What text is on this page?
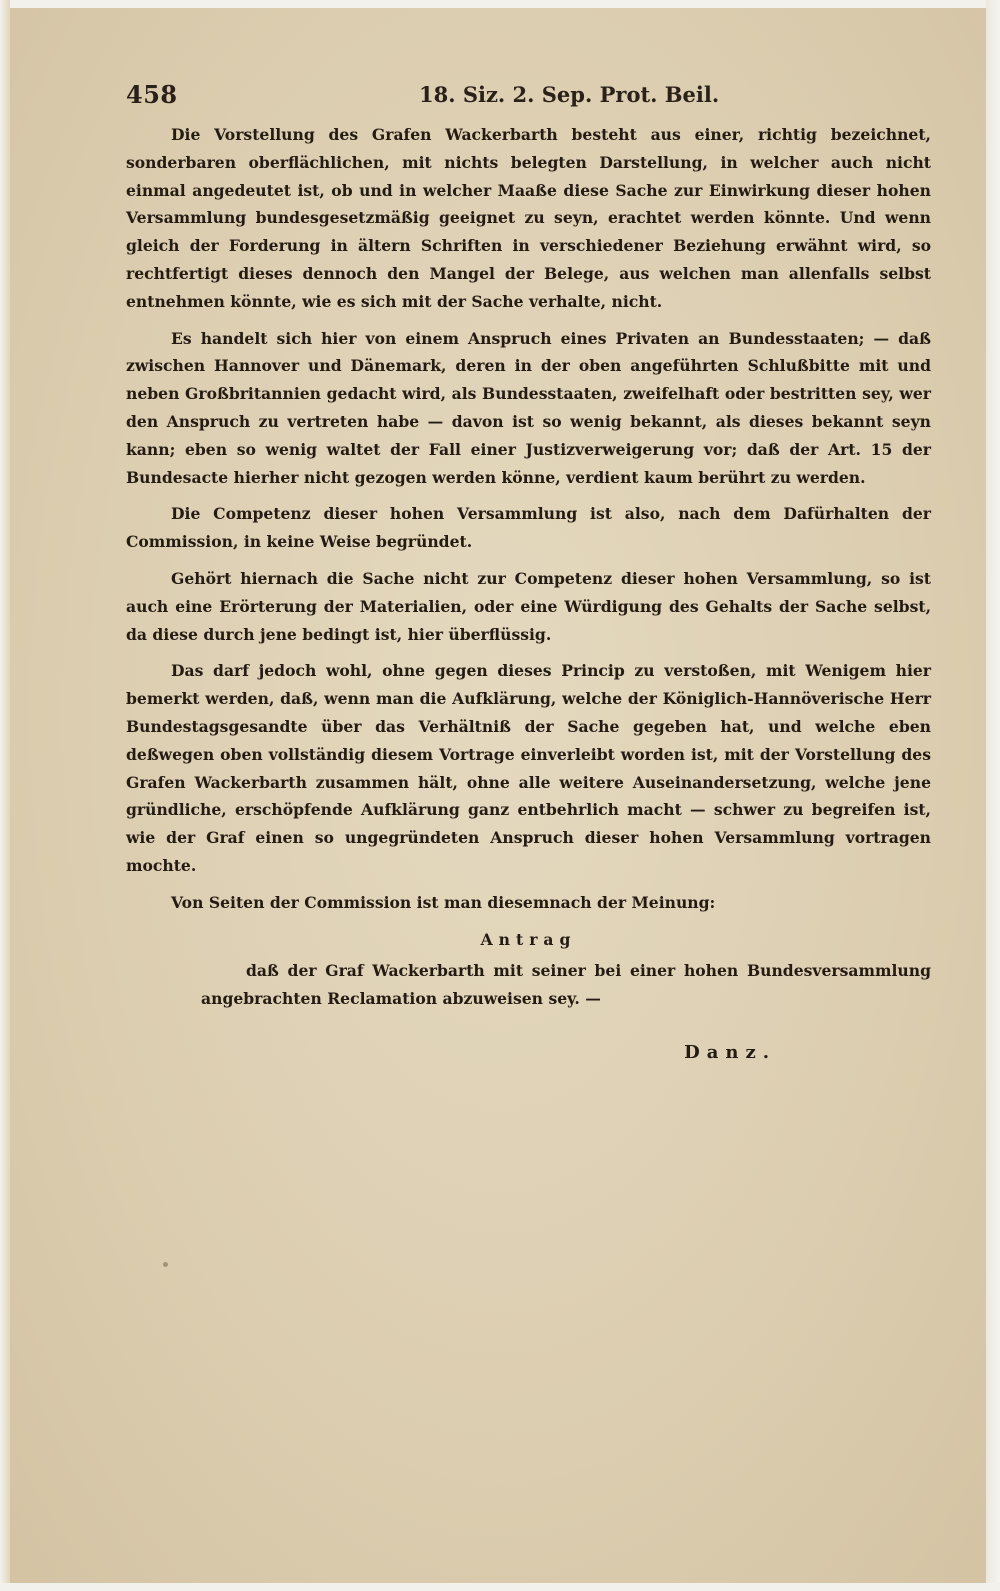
458	18. Siz. 2. Sep. Prot. Beil.

Die Vorstellung des Grafen Wackerbarth besteht aus einer, richtig bezeichnet, sonderbaren oberflächlichen, mit nichts belegten Darstellung, in welcher auch nicht einmal angedeutet ist, ob und in welcher Maaße diese Sache zur Einwirkung dieser hohen Versammlung bundesgesetzmäßig geeignet zu seyn, erachtet werden könnte. Und wenn gleich der Forderung in ältern Schriften in verschiedener Beziehung erwähnt wird, so rechtfertigt dieses dennoch den Mangel der Belege, aus welchen man allenfalls selbst entnehmen könnte, wie es sich mit der Sache verhalte, nicht.

Es handelt sich hier von einem Anspruch eines Privaten an Bundesstaaten; — daß zwischen Hannover und Dänemark, deren in der oben angeführten Schlußbitte mit und neben Großbritannien gedacht wird, als Bundesstaaten, zweifelhaft oder bestritten sey, wer den Anspruch zu vertreten habe — davon ist so wenig bekannt, als dieses bekannt seyn kann; eben so wenig waltet der Fall einer Justizverweigerung vor; daß der Art. 15 der Bundesacte hierher nicht gezogen werden könne, verdient kaum berührt zu werden.

Die Competenz dieser hohen Versammlung ist also, nach dem Dafürhalten der Commission, in keine Weise begründet.

Gehört hiernach die Sache nicht zur Competenz dieser hohen Versammlung, so ist auch eine Erörterung der Materialien, oder eine Würdigung des Gehalts der Sache selbst, da diese durch jene bedingt ist, hier überflüssig.

Das darf jedoch wohl, ohne gegen dieses Princip zu verstoßen, mit Wenigem hier bemerkt werden, daß, wenn man die Aufklärung, welche der Königlich-Hannöverische Herr Bundestagsgesandte über das Verhältniß der Sache gegeben hat, und welche eben deßwegen oben vollständig diesem Vortrage einverleibt worden ist, mit der Vorstellung des Grafen Wackerbarth zusammen hält, ohne alle weitere Auseinandersetzung, welche jene gründliche, erschöpfende Aufklärung ganz entbehrlich macht — schwer zu begreifen ist, wie der Graf einen so ungegründeten Anspruch dieser hohen Versammlung vortragen mochte.

Von Seiten der Commission ist man diesemnach der Meinung:

Antrag

daß der Graf Wackerbarth mit seiner bei einer hohen Bundesversammlung angebrachten Reclamation abzuweisen sey. —

Danz.
